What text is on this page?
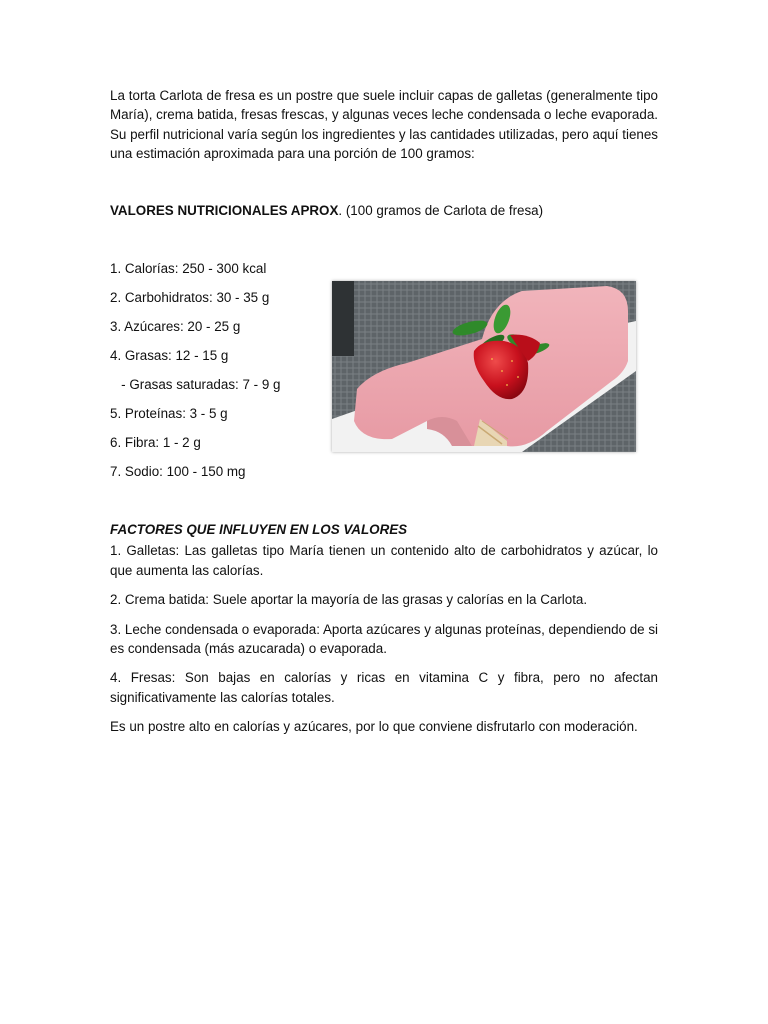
La torta Carlota de fresa es un postre que suele incluir capas de galletas (generalmente tipo María), crema batida, fresas frescas, y algunas veces leche condensada o leche evaporada. Su perfil nutricional varía según los ingredientes y las cantidades utilizadas, pero aquí tienes una estimación aproximada para una porción de 100 gramos:
VALORES NUTRICIONALES APROX. (100 gramos de Carlota de fresa)
1. Calorías: 250 - 300 kcal
2. Carbohidratos: 30 - 35 g
3. Azúcares: 20 - 25 g
4. Grasas: 12 - 15 g
- Grasas saturadas: 7 - 9 g
5. Proteínas: 3 - 5 g
6. Fibra: 1 - 2 g
7. Sodio: 100 - 150 mg
FACTORES QUE INFLUYEN EN LOS VALORES

1. Galletas: Las galletas tipo María tienen un contenido alto de carbohidratos y azúcar, lo que aumenta las calorías.

2. Crema batida: Suele aportar la mayoría de las grasas y calorías en la Carlota.

3. Leche condensada o evaporada: Aporta azúcares y algunas proteínas, dependiendo de si es condensada (más azucarada) o evaporada.

4. Fresas: Son bajas en calorías y ricas en vitamina C y fibra, pero no afectan significativamente las calorías totales.

Es un postre alto en calorías y azúcares, por lo que conviene disfrutarlo con moderación.
